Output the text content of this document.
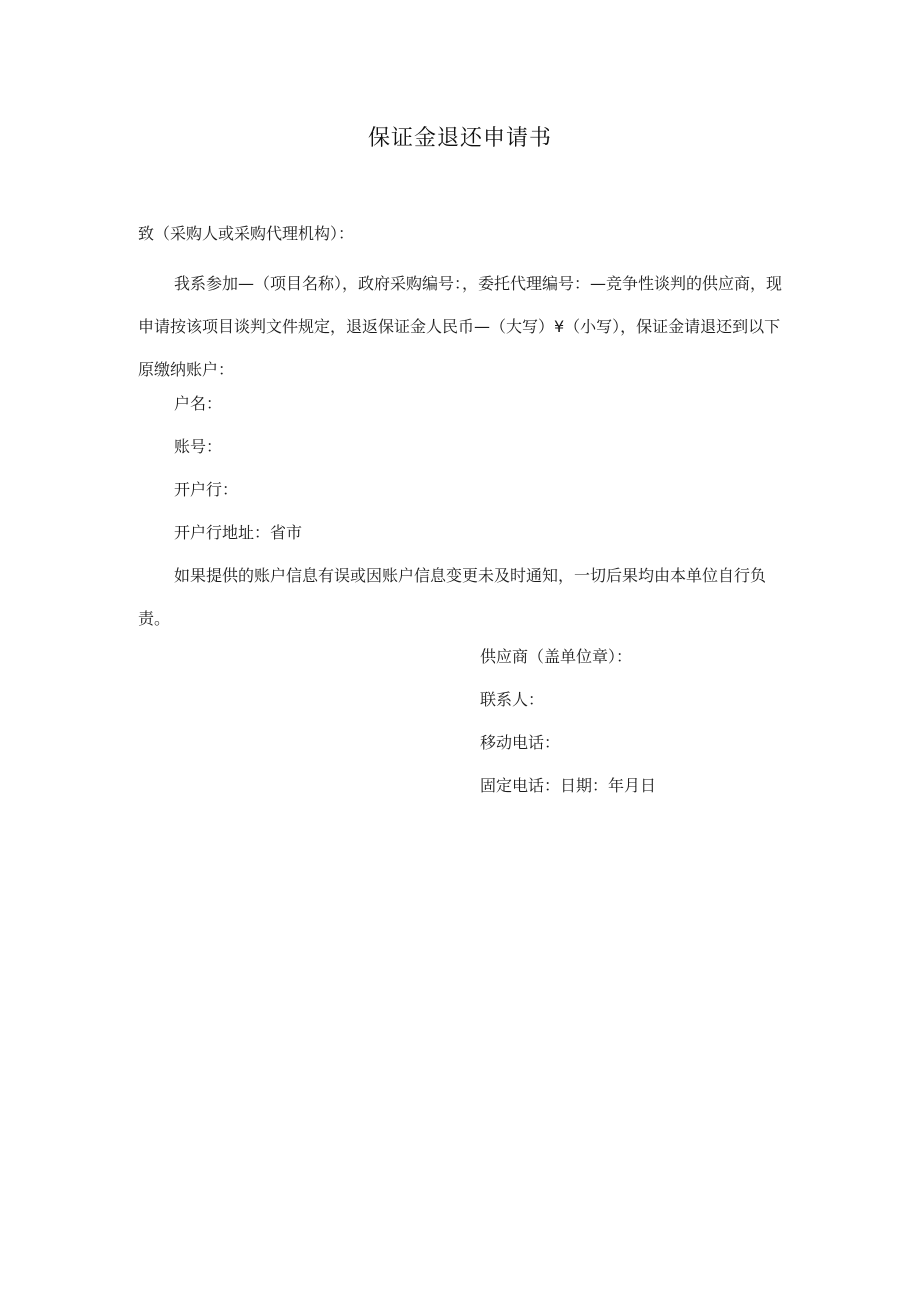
保证金退还申请书
致（采购人或采购代理机构）：
我系参加—（项目名称），政府采购编号：，委托代理编号：—竞争性谈判的供应商，现申请按该项目谈判文件规定，退返保证金人民币—（大写）¥（小写），保证金请退还到以下原缴纳账户：
户名：
账号：
开户行：
开户行地址：省市
如果提供的账户信息有误或因账户信息变更未及时通知，一切后果均由本单位自行负责。
供应商（盖单位章）：
联系人：
移动电话：
固定电话：日期：年月日
